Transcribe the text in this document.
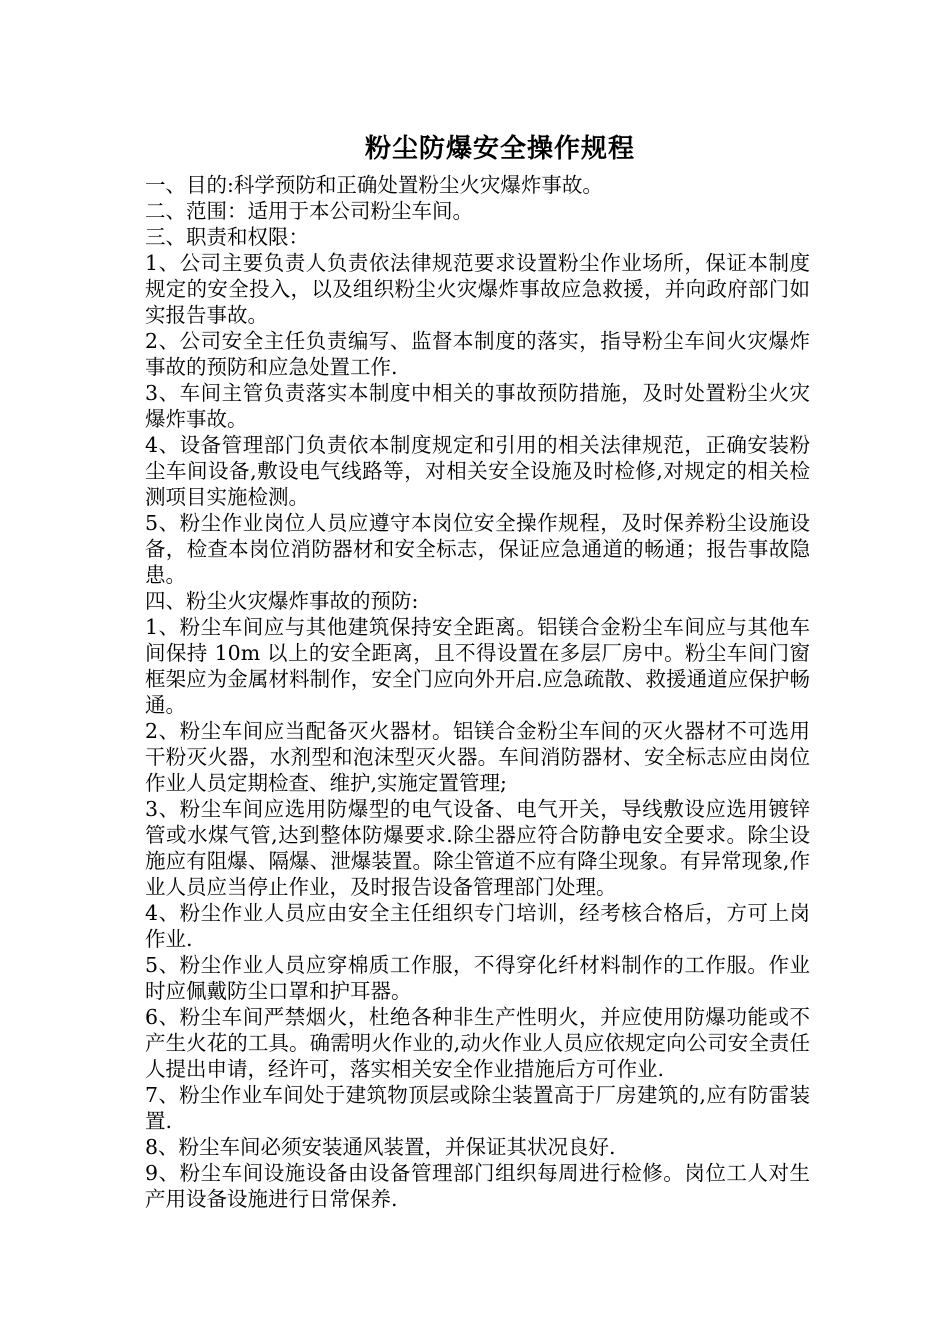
粉尘防爆安全操作规程

一、目的:科学预防和正确处置粉尘火灾爆炸事故。

二、范围：适用于本公司粉尘车间。

三、职责和权限：

1、公司主要负责人负责依法律规范要求设置粉尘作业场所，保证本制度规定的安全投入，以及组织粉尘火灾爆炸事故应急救援，并向政府部门如实报告事故。

2、公司安全主任负责编写、监督本制度的落实，指导粉尘车间火灾爆炸事故的预防和应急处置工作.

3、车间主管负责落实本制度中相关的事故预防措施，及时处置粉尘火灾爆炸事故。

4、设备管理部门负责依本制度规定和引用的相关法律规范，正确安装粉尘车间设备,敷设电气线路等，对相关安全设施及时检修,对规定的相关检测项目实施检测。

5、粉尘作业岗位人员应遵守本岗位安全操作规程，及时保养粉尘设施设备，检查本岗位消防器材和安全标志，保证应急通道的畅通；报告事故隐患。

四、粉尘火灾爆炸事故的预防:

1、粉尘车间应与其他建筑保持安全距离。铝镁合金粉尘车间应与其他车间保持 10m 以上的安全距离，且不得设置在多层厂房中。粉尘车间门窗框架应为金属材料制作，安全门应向外开启.应急疏散、救援通道应保护畅通。

2、粉尘车间应当配备灭火器材。铝镁合金粉尘车间的灭火器材不可选用干粉灭火器，水剂型和泡沫型灭火器。车间消防器材、安全标志应由岗位作业人员定期检查、维护,实施定置管理;

3、粉尘车间应选用防爆型的电气设备、电气开关，导线敷设应选用镀锌管或水煤气管,达到整体防爆要求.除尘器应符合防静电安全要求。除尘设施应有阻爆、隔爆、泄爆装置。除尘管道不应有降尘现象。有异常现象,作业人员应当停止作业，及时报告设备管理部门处理。

4、粉尘作业人员应由安全主任组织专门培训，经考核合格后，方可上岗作业.

5、粉尘作业人员应穿棉质工作服，不得穿化纤材料制作的工作服。作业时应佩戴防尘口罩和护耳器。

6、粉尘车间严禁烟火，杜绝各种非生产性明火，并应使用防爆功能或不产生火花的工具。确需明火作业的,动火作业人员应依规定向公司安全责任人提出申请，经许可，落实相关安全作业措施后方可作业.

7、粉尘作业车间处于建筑物顶层或除尘装置高于厂房建筑的,应有防雷装置.

8、粉尘车间必须安装通风装置，并保证其状况良好.

9、粉尘车间设施设备由设备管理部门组织每周进行检修。岗位工人对生产用设备设施进行日常保养.
